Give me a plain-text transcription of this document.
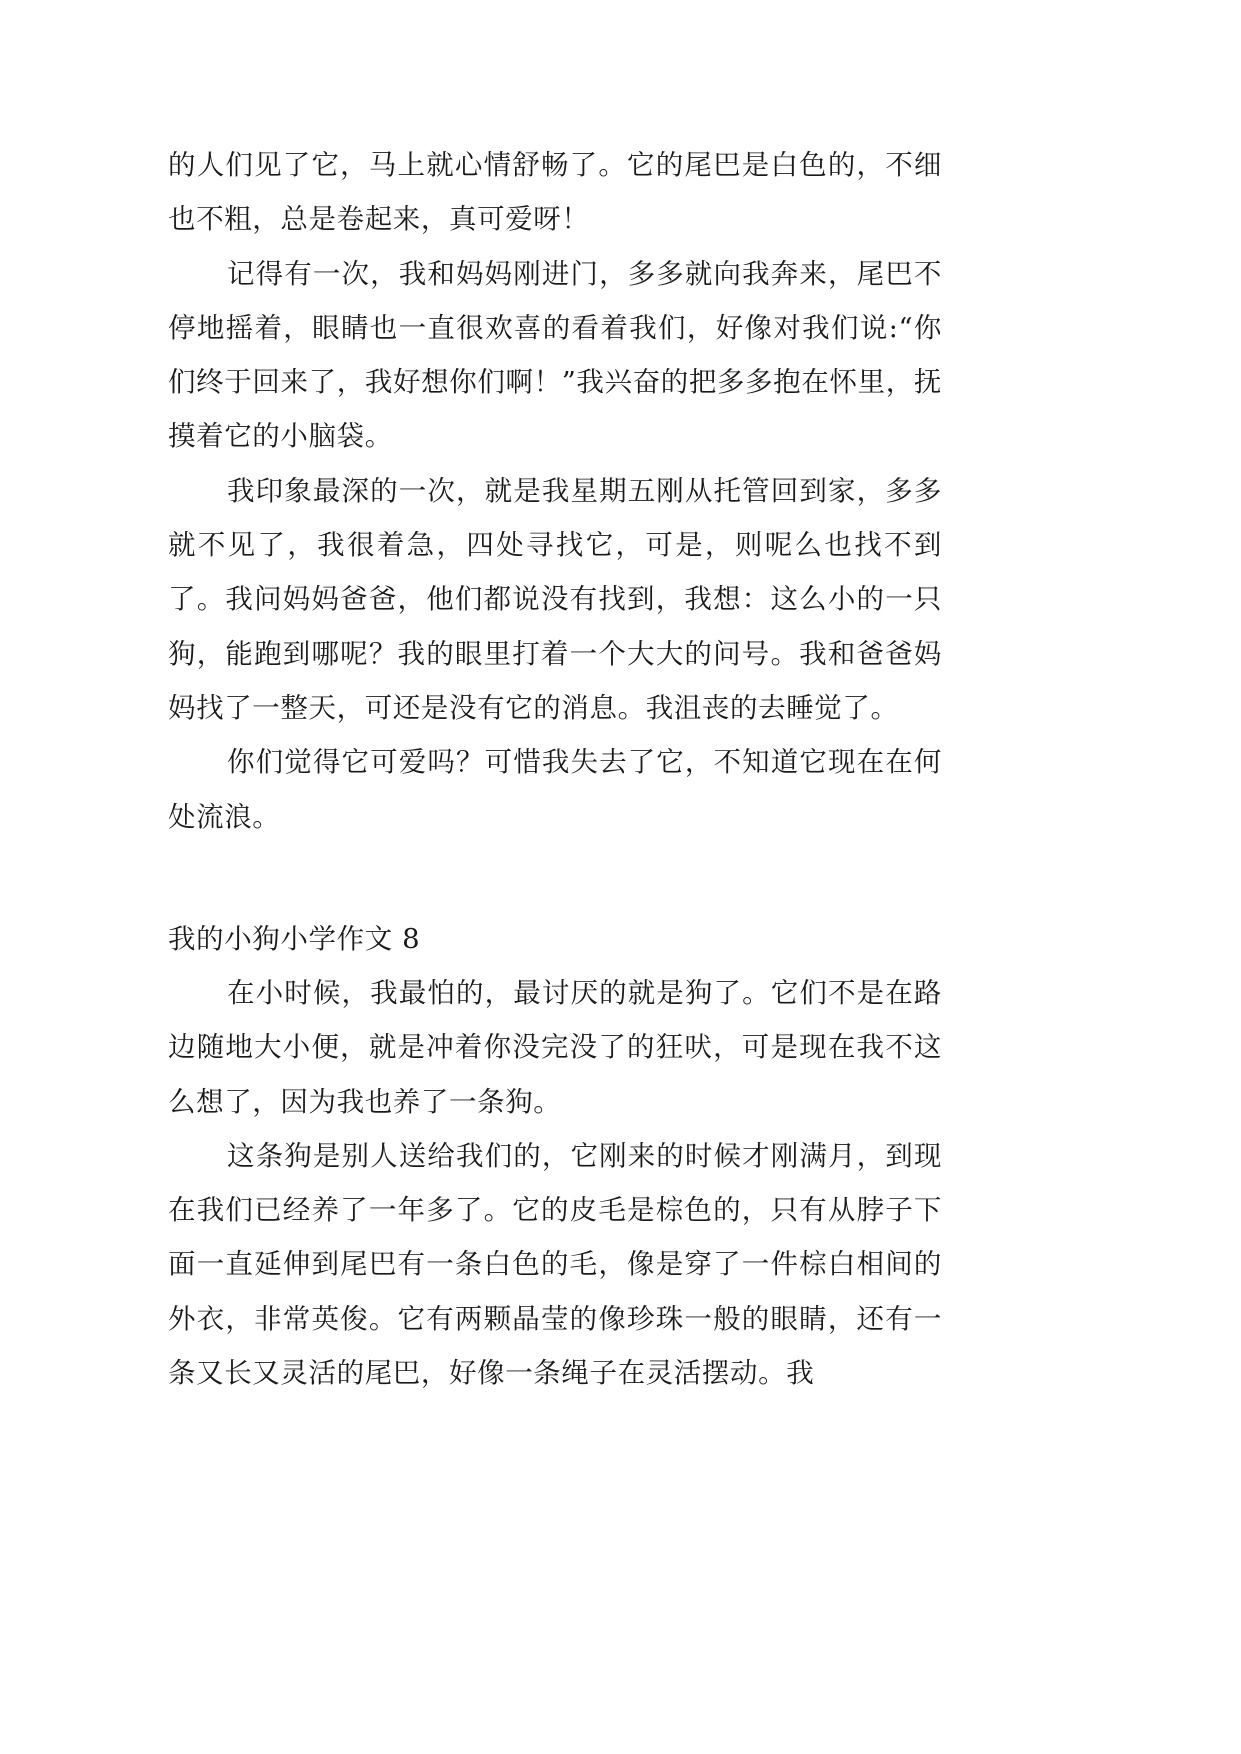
的人们见了它，马上就心情舒畅了。它的尾巴是白色的，不细也不粗，总是卷起来，真可爱呀！

记得有一次，我和妈妈刚进门，多多就向我奔来，尾巴不停地摇着，眼睛也一直很欢喜的看着我们，好像对我们说:“你们终于回来了，我好想你们啊！”我兴奋的把多多抱在怀里，抚摸着它的小脑袋。

我印象最深的一次，就是我星期五刚从托管回到家，多多就不见了，我很着急，四处寻找它，可是，则呢么也找不到了。我问妈妈爸爸，他们都说没有找到，我想：这么小的一只狗，能跑到哪呢？我的眼里打着一个大大的问号。我和爸爸妈妈找了一整天，可还是没有它的消息。我沮丧的去睡觉了。

你们觉得它可爱吗？可惜我失去了它，不知道它现在在何处流浪。

我的小狗小学作文 8

在小时候，我最怕的，最讨厌的就是狗了。它们不是在路边随地大小便，就是冲着你没完没了的狂吠，可是现在我不这么想了，因为我也养了一条狗。

这条狗是别人送给我们的，它刚来的时候才刚满月，到现在我们已经养了一年多了。它的皮毛是棕色的，只有从脖子下面一直延伸到尾巴有一条白色的毛，像是穿了一件棕白相间的外衣，非常英俊。它有两颗晶莹的像珍珠一般的眼睛，还有一条又长又灵活的尾巴，好像一条绳子在灵活摆动。我
